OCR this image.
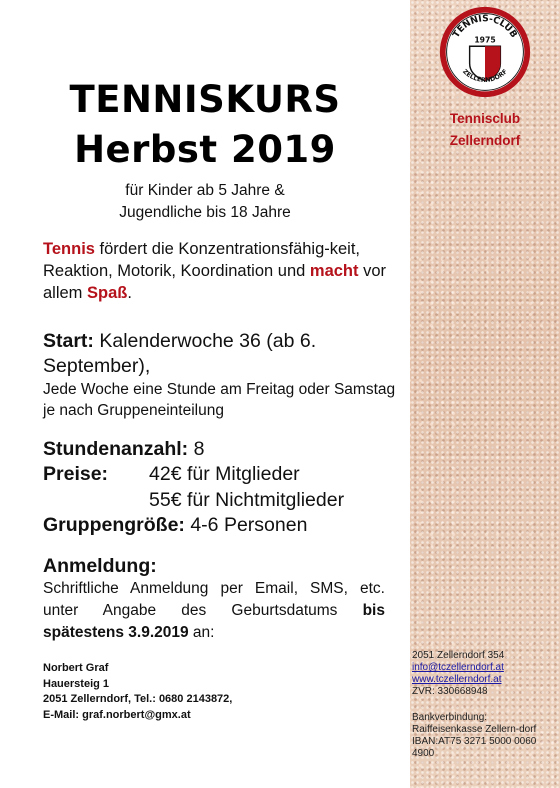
TENNISKURS
Herbst 2019
für Kinder ab 5 Jahre &
Jugendliche bis 18 Jahre
Tennis fördert die Konzentrationsfähig-keit, Reaktion, Motorik, Koordination und macht vor allem Spaß.
Start: Kalenderwoche 36 (ab 6. September),
Jede Woche eine Stunde am Freitag oder Samstag je nach Gruppeneinteilung
Stundenanzahl: 8
Preise: 42€ für Mitglieder
55€ für Nichtmitglieder
Gruppengröße: 4-6 Personen
Anmeldung:
Schriftliche Anmeldung per Email, SMS, etc. unter Angabe des Geburtsdatums bis spätestens 3.9.2019 an:
Norbert Graf
Hauersteig 1
2051 Zellerndorf, Tel.: 0680 2143872,
E-Mail: graf.norbert@gmx.at
TENNIS-CLUB
1975
ZELLERNDORF
Tennisclub
Zellerndorf
2051 Zellerndorf 354
info@tczellerndorf.at
www.tczellerndorf.at
ZVR: 330668948
Bankverbindung:
Raiffeisenkasse Zellern-dorf
IBAN:AT75 3271 5000 0060 4900
